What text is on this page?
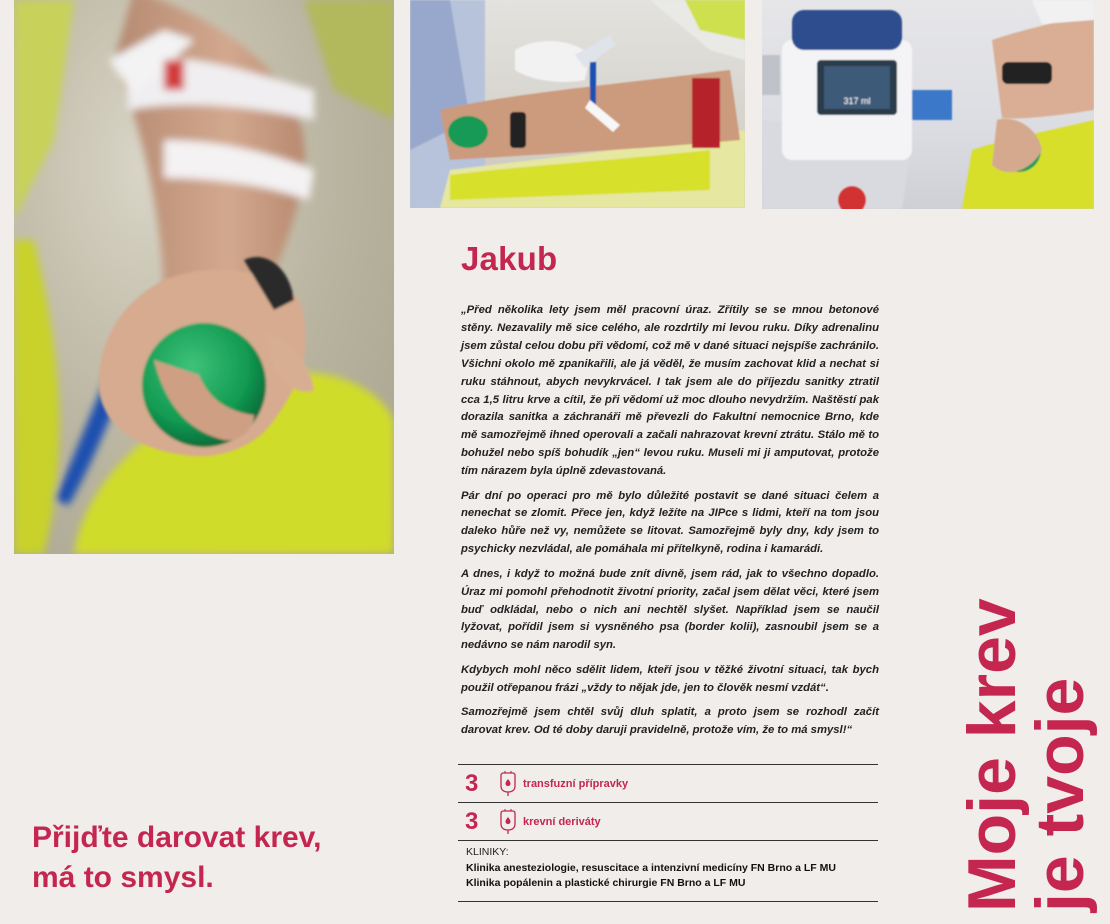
317 ml
Jakub

„Před několika lety jsem měl pracovní úraz. Zřítily se se mnou betonové stěny. Nezavalily mě sice celého, ale rozdrtily mi levou ruku. Díky adrenalinu jsem zůstal celou dobu při vědomí, což mě v dané situaci nejspíše zachránilo. Všichni okolo mě zpanikařili, ale já věděl, že musím zachovat klid a nechat si ruku stáhnout, abych nevykrvácel. I tak jsem ale do příjezdu sanitky ztratil cca 1,5 litru krve a cítil, že při vědomí už moc dlouho nevydržím. Naštěstí pak dorazila sanitka a záchranáři mě převezli do Fakultní nemocnice Brno, kde mě samozřejmě ihned operovali a začali nahrazovat krevní ztrátu. Stálo mě to bohužel nebo spíš bohudík „jen“ levou ruku. Museli mi ji amputovat, protože tím nárazem byla úplně zdevastovaná.

Pár dní po operaci pro mě bylo důležité postavit se dané situaci čelem a nenechat se zlomit. Přece jen, když ležíte na JIPce s lidmi, kteří na tom jsou daleko hůře než vy, nemůžete se litovat. Samozřejmě byly dny, kdy jsem to psychicky nezvládal, ale pomáhala mi přítelkyně, rodina i kamarádi.

A dnes, i když to možná bude znít divně, jsem rád, jak to všechno dopadlo. Úraz mi pomohl přehodnotit životní priority, začal jsem dělat věci, které jsem buď odkládal, nebo o nich ani nechtěl slyšet. Například jsem se naučil lyžovat, pořídil jsem si vysněného psa (border kolii), zasnoubil jsem se a nedávno se nám narodil syn.

Kdybych mohl něco sdělit lidem, kteří jsou v těžké životní situaci, tak bych použil otřepanou frázi „vždy to nějak jde, jen to člověk nesmí vzdát“.

Samozřejmě jsem chtěl svůj dluh splatit, a proto jsem se rozhodl začít darovat krev. Od té doby daruji pravidelně, protože vím, že to má smysl!“

3	transfuzní přípravky
3	krevní deriváty
KLINIKY:
Klinika anesteziologie, resuscitace a intenzivní medicíny FN Brno a LF MU
Klinika popálenin a plastické chirurgie FN Brno a LF MU
Přijďte darovat krev,
má to smysl.	Moje krev
je tvoje
